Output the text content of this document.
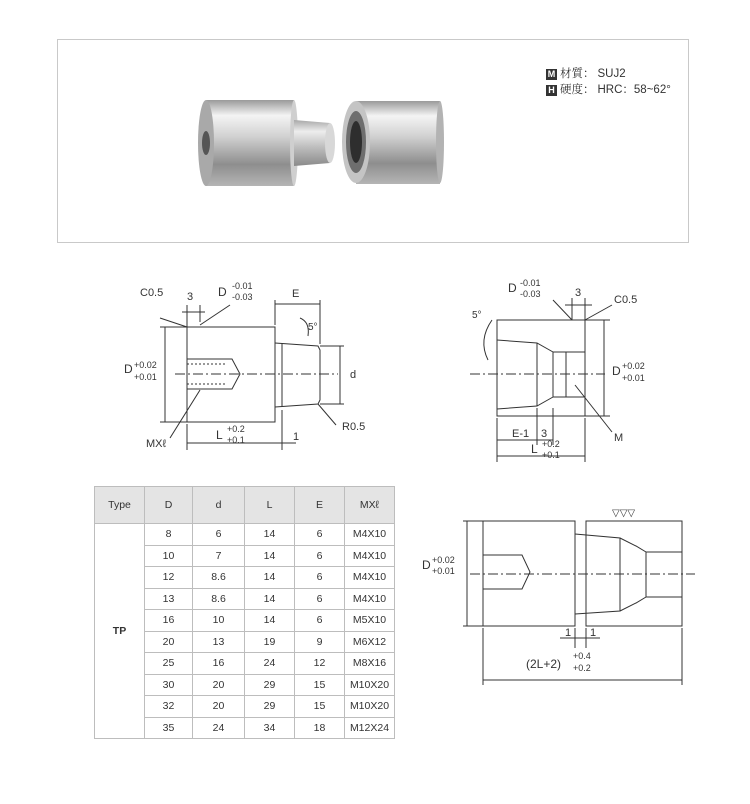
M 材質： SUJ2
H 硬度： HRC：58~62°
C0.5 3 D -0.01
-0.03	E
5°
D +0.02
+0.01	d
MXℓ
L +0.2
+0.1	1
R0.5
D -0.01
-0.03	3
C0.5
5°
D +0.02
+0.01
E-1 3
L +0.2
+0.1
M
▽▽▽
D +0.02
+0.01
1 1
+0.4
+0.2
(2L+2)
Type	D	d	L	E	MXℓ
TP	8	6	14	6	M4X10
	10	7	14	6	M4X10
	12	8.6	14	6	M4X10
	13	8.6	14	6	M4X10
	16	10	14	6	M5X10
	20	13	19	9	M6X12
	25	16	24	12	M8X16
	30	20	29	15	M10X20
	32	20	29	15	M10X20
	35	24	34	18	M12X24
